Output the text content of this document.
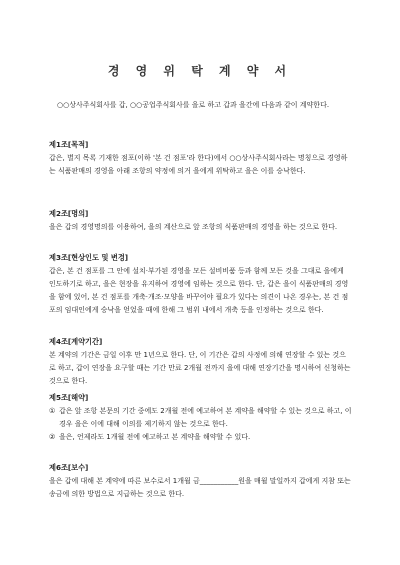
경 영 위 탁 계 약 서
○○상사주식회사를 갑, ○○공업주식회사를 을로 하고 갑과 을간에 다음과 같이 계약한다.
제1조[목적]
갑은, 별지 목록 기재한 점포(이하 '본 건 점포'라 한다)에서 ○○상사주식회사라는 명칭으로 경영하는 식품판매의 경영을 아래 조항의 약정에 의거 을에게 위탁하고 을은 이를 승낙한다.
제2조[명의]
을은 갑의 경영명의를 이용하여, 을의 계산으로 앞 조항의 식품판매의 경영을 하는 것으로 한다.
제3조[현상인도 및 변경]
갑은, 본 건 점포를 그 안에 설치·부가된 경영을 모든 설비비품 등과 함께 모든 것을 그대로 을에게 인도하기로 하고, 을은 현장을 유지하여 경영에 임하는 것으로 한다. 단, 갑은 을이 식품판매의 경영을 함에 있어, 본 건 점포를 개축·개조·모양을 바꾸어야 필요가 있다는 의견이 나온 경우는, 본 건 점포의 임대인에게 승낙을 얻었을 때에 한해 그 범위 내에서 개축 등을 인정하는 것으로 한다.
제4조[계약기간]
본 계약의 기간은 금일 이후 만 1년으로 한다. 단, 이 기간은 갑의 사정에 의해 연장할 수 있는 것으로 하고, 갑이 연장을 요구할 때는 기간 만료 2개월 전까지 을에 대해 연장기간을 명시하여 신청하는 것으로 한다.
제5조[해약]
① 갑은 앞 조항 본문의 기간 중에도 2개월 전에 예고하여 본 계약을 해약할 수 있는 것으로 하고, 이 경우 을은 이에 대해 이의를 제기하지 않는 것으로 한다.
② 을은, 언제라도 1개월 전에 예고하고 본 계약을 해약할 수 있다.
제6조[보수]
을은 갑에 대해 본 계약에 따른 보수로서 1개월 금___________원을 매월 말일까지 갑에게 지참 또는 송금에 의한 방법으로 지급하는 것으로 한다.
